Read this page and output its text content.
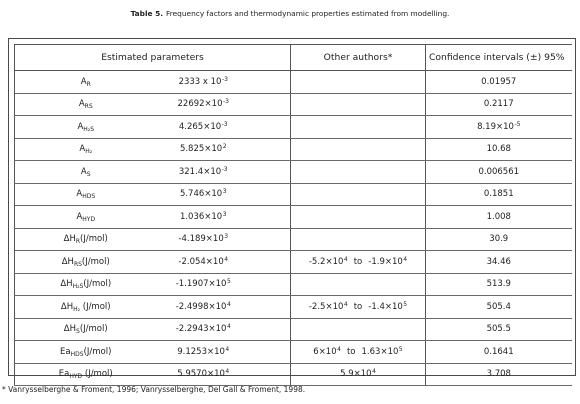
Table 5. Frequency factors and thermodynamic properties estimated from modelling.
Estimated parameters		Other authors*	Confidence intervals (±) 95%
$A_R$	2333 x $10^{-3}$		0.01957
$A_{RS}$	$22692\times 10^{-3}$		0.2117
$A_{H_2S}$	$4.265\times 10^{-3}$		$8.19\times 10^{-5}$
$A_{H_2}$	$5.825\times 10^2$		10.68
$A_S$	$321.4\times 10^{-3}$		0.006561
$A_{HDS}$	$5.746\times 10^3$		0.1851
$A_{HYD}$	$1.036\times 10^3$		1.008
$\Delta H_R(J/mol)$	$-4.189\times 10^3$		30.9
$\Delta H_{RS}(J/mol)$	$-2.054\times 10^4$	$-5.2\times 10^4$ to $-1.9\times 10^4$	34.46
$\Delta H_{H_2S}(J/mol)$	$-1.1907\times 10^5$		513.9
$\Delta H_{H_2}$ (J/mol)	$-2.4998\times 10^4$	$-2.5\times 10^4$ to $-1.4\times 10^5$	505.4
$\Delta H_S(J/mol)$	$-2.2943\times 10^4$		505.5
$Ea_{HDS}(J/mol)$	$9.1253\times 10^4$	$6\times 10^4$ to $1.63\times 10^5$	0.1641
$Ea_{HYD}$ (J/mol)	$5.9570\times 10^4$	$5.9\times 10^4$	3.708
* Vanrysselberghe & Froment, 1996; Vanrysselberghe, Del Gall & Froment, 1998.
